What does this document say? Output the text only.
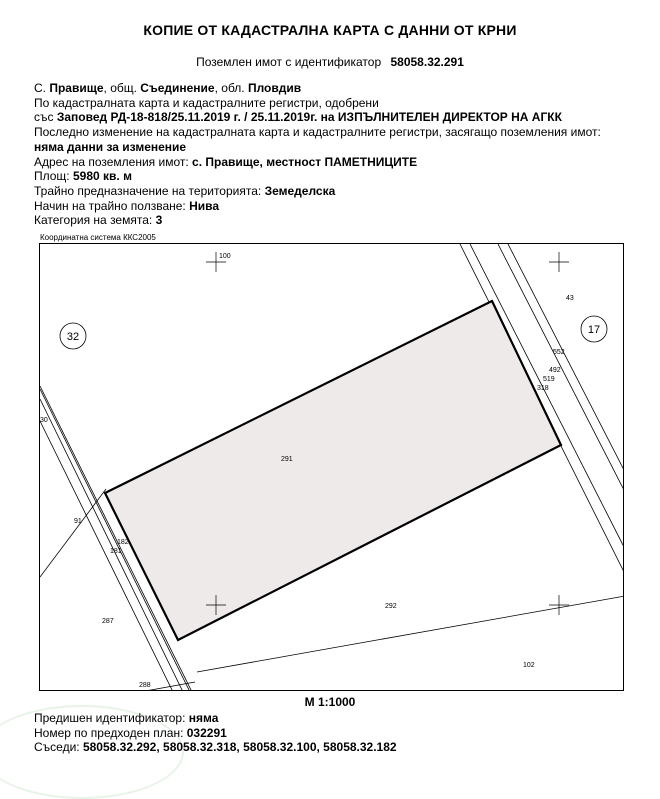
КОПИЕ ОТ КАДАСТРАЛНА КАРТА С ДАННИ ОТ КРНИ
Поземлен имот с идентификатор 58058.32.291
С. Правище, общ. Съединение, обл. Пловдив
По кадастралната карта и кадастралните регистри, одобрени
със Заповед РД-18-818/25.11.2019 г. / 25.11.2019г. на ИЗПЪЛНИТЕЛЕН ДИРЕКТОР НА АГКК
Последно изменение на кадастралната карта и кадастралните регистри, засягащо поземления имот:
няма данни за изменение
Адрес на поземления имот: с. Правище, местност ПАМЕТНИЦИТЕ
Площ: 5980 кв. м
Трайно предназначение на територията: Земеделска
Начин на трайно ползване: Нива
Категория на земята: 3
Координатна система ККС2005
32
17
100
43
552
492
519
318
30
91
182
181
287
288
291
292
102
М 1:1000
Предишен идентификатор: няма
Номер по предходен план: 032291
Съседи: 58058.32.292, 58058.32.318, 58058.32.100, 58058.32.182
